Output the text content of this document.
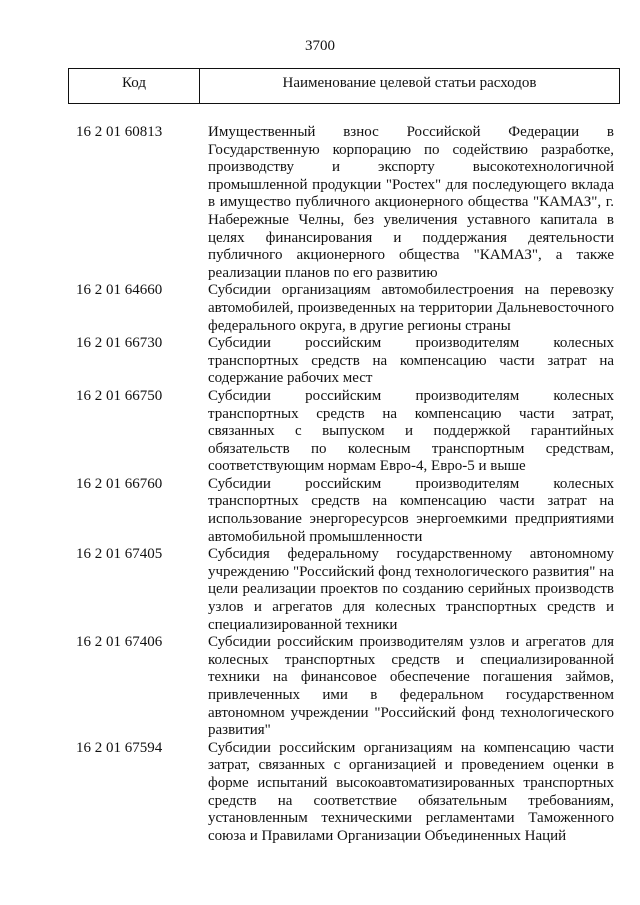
3700
Код	Наименование целевой статьи расходов
16 2 01 60813	Имущественный взнос Российской Федерации в Государственную корпорацию по содействию разработке, производству и экспорту высокотехнологичной промышленной продукции "Ростех" для последующего вклада в имущество публичного акционерного общества "КАМАЗ", г. Набережные Челны, без увеличения уставного капитала в целях финансирования и поддержания деятельности публичного акционерного общества "КАМАЗ", а также реализации планов по его развитию
16 2 01 64660	Субсидии организациям автомобилестроения на перевозку автомобилей, произведенных на территории Дальневосточного федерального округа, в другие регионы страны
16 2 01 66730	Субсидии российским производителям колесных транспортных средств на компенсацию части затрат на содержание рабочих мест
16 2 01 66750	Субсидии российским производителям колесных транспортных средств на компенсацию части затрат, связанных с выпуском и поддержкой гарантийных обязательств по колесным транспортным средствам, соответствующим нормам Евро-4, Евро-5 и выше
16 2 01 66760	Субсидии российским производителям колесных транспортных средств на компенсацию части затрат на использование энергоресурсов энергоемкими предприятиями автомобильной промышленности
16 2 01 67405	Субсидия федеральному государственному автономному учреждению "Российский фонд технологического развития" на цели реализации проектов по созданию серийных производств узлов и агрегатов для колесных транспортных средств и специализированной техники
16 2 01 67406	Субсидии российским производителям узлов и агрегатов для колесных транспортных средств и специализированной техники на финансовое обеспечение погашения займов, привлеченных ими в федеральном государственном автономном учреждении "Российский фонд технологического развития"
16 2 01 67594	Субсидии российским организациям на компенсацию части затрат, связанных с организацией и проведением оценки в форме испытаний высокоавтоматизированных транспортных средств на соответствие обязательным требованиям, установленным техническими регламентами Таможенного союза и Правилами Организации Объединенных Наций
